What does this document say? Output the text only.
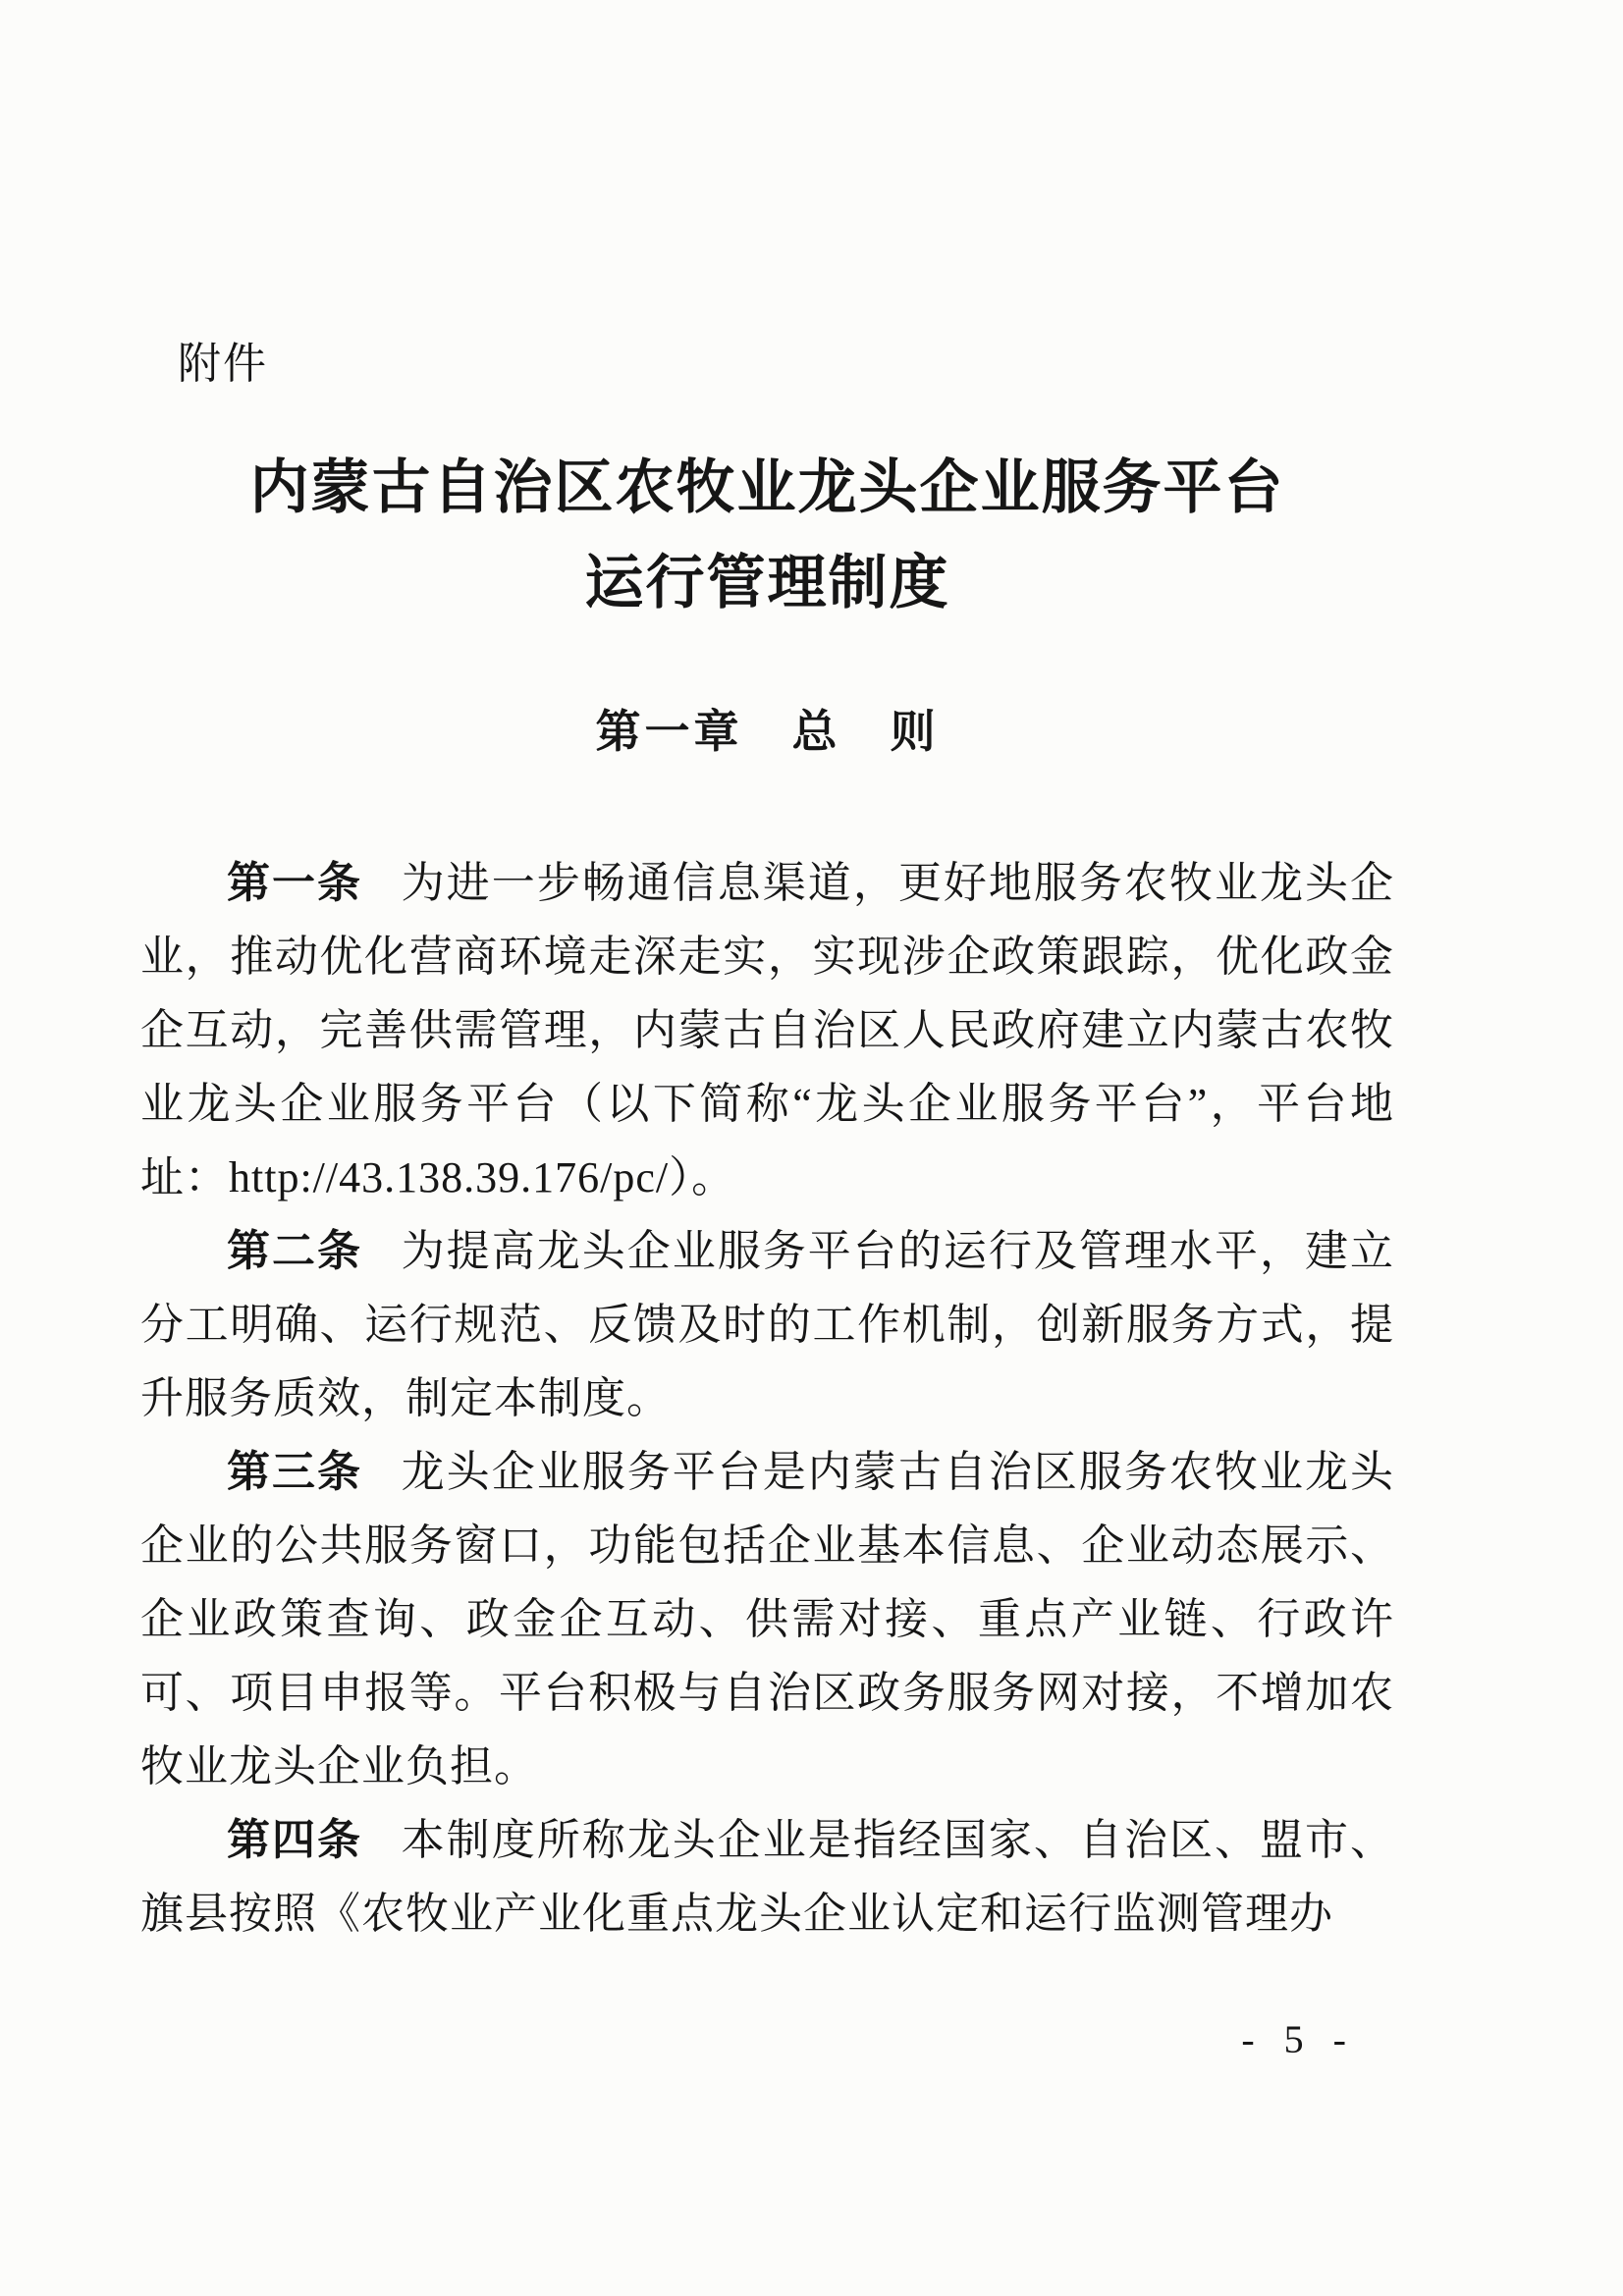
附件
内蒙古自治区农牧业龙头企业服务平台
运行管理制度
第一章　总　则

第一条 为进一步畅通信息渠道，更好地服务农牧业龙头企业，推动优化营商环境走深走实，实现涉企政策跟踪，优化政金企互动，完善供需管理，内蒙古自治区人民政府建立内蒙古农牧业龙头企业服务平台（以下简称“龙头企业服务平台”，平台地址：http://43.138.39.176/pc/）。

第二条 为提高龙头企业服务平台的运行及管理水平，建立分工明确、运行规范、反馈及时的工作机制，创新服务方式，提升服务质效，制定本制度。

第三条 龙头企业服务平台是内蒙古自治区服务农牧业龙头企业的公共服务窗口，功能包括企业基本信息、企业动态展示、企业政策查询、政金企互动、供需对接、重点产业链、行政许可、项目申报等。平台积极与自治区政务服务网对接，不增加农牧业龙头企业负担。

第四条 本制度所称龙头企业是指经国家、自治区、盟市、旗县按照《农牧业产业化重点龙头企业认定和运行监测管理办

- 5 -
